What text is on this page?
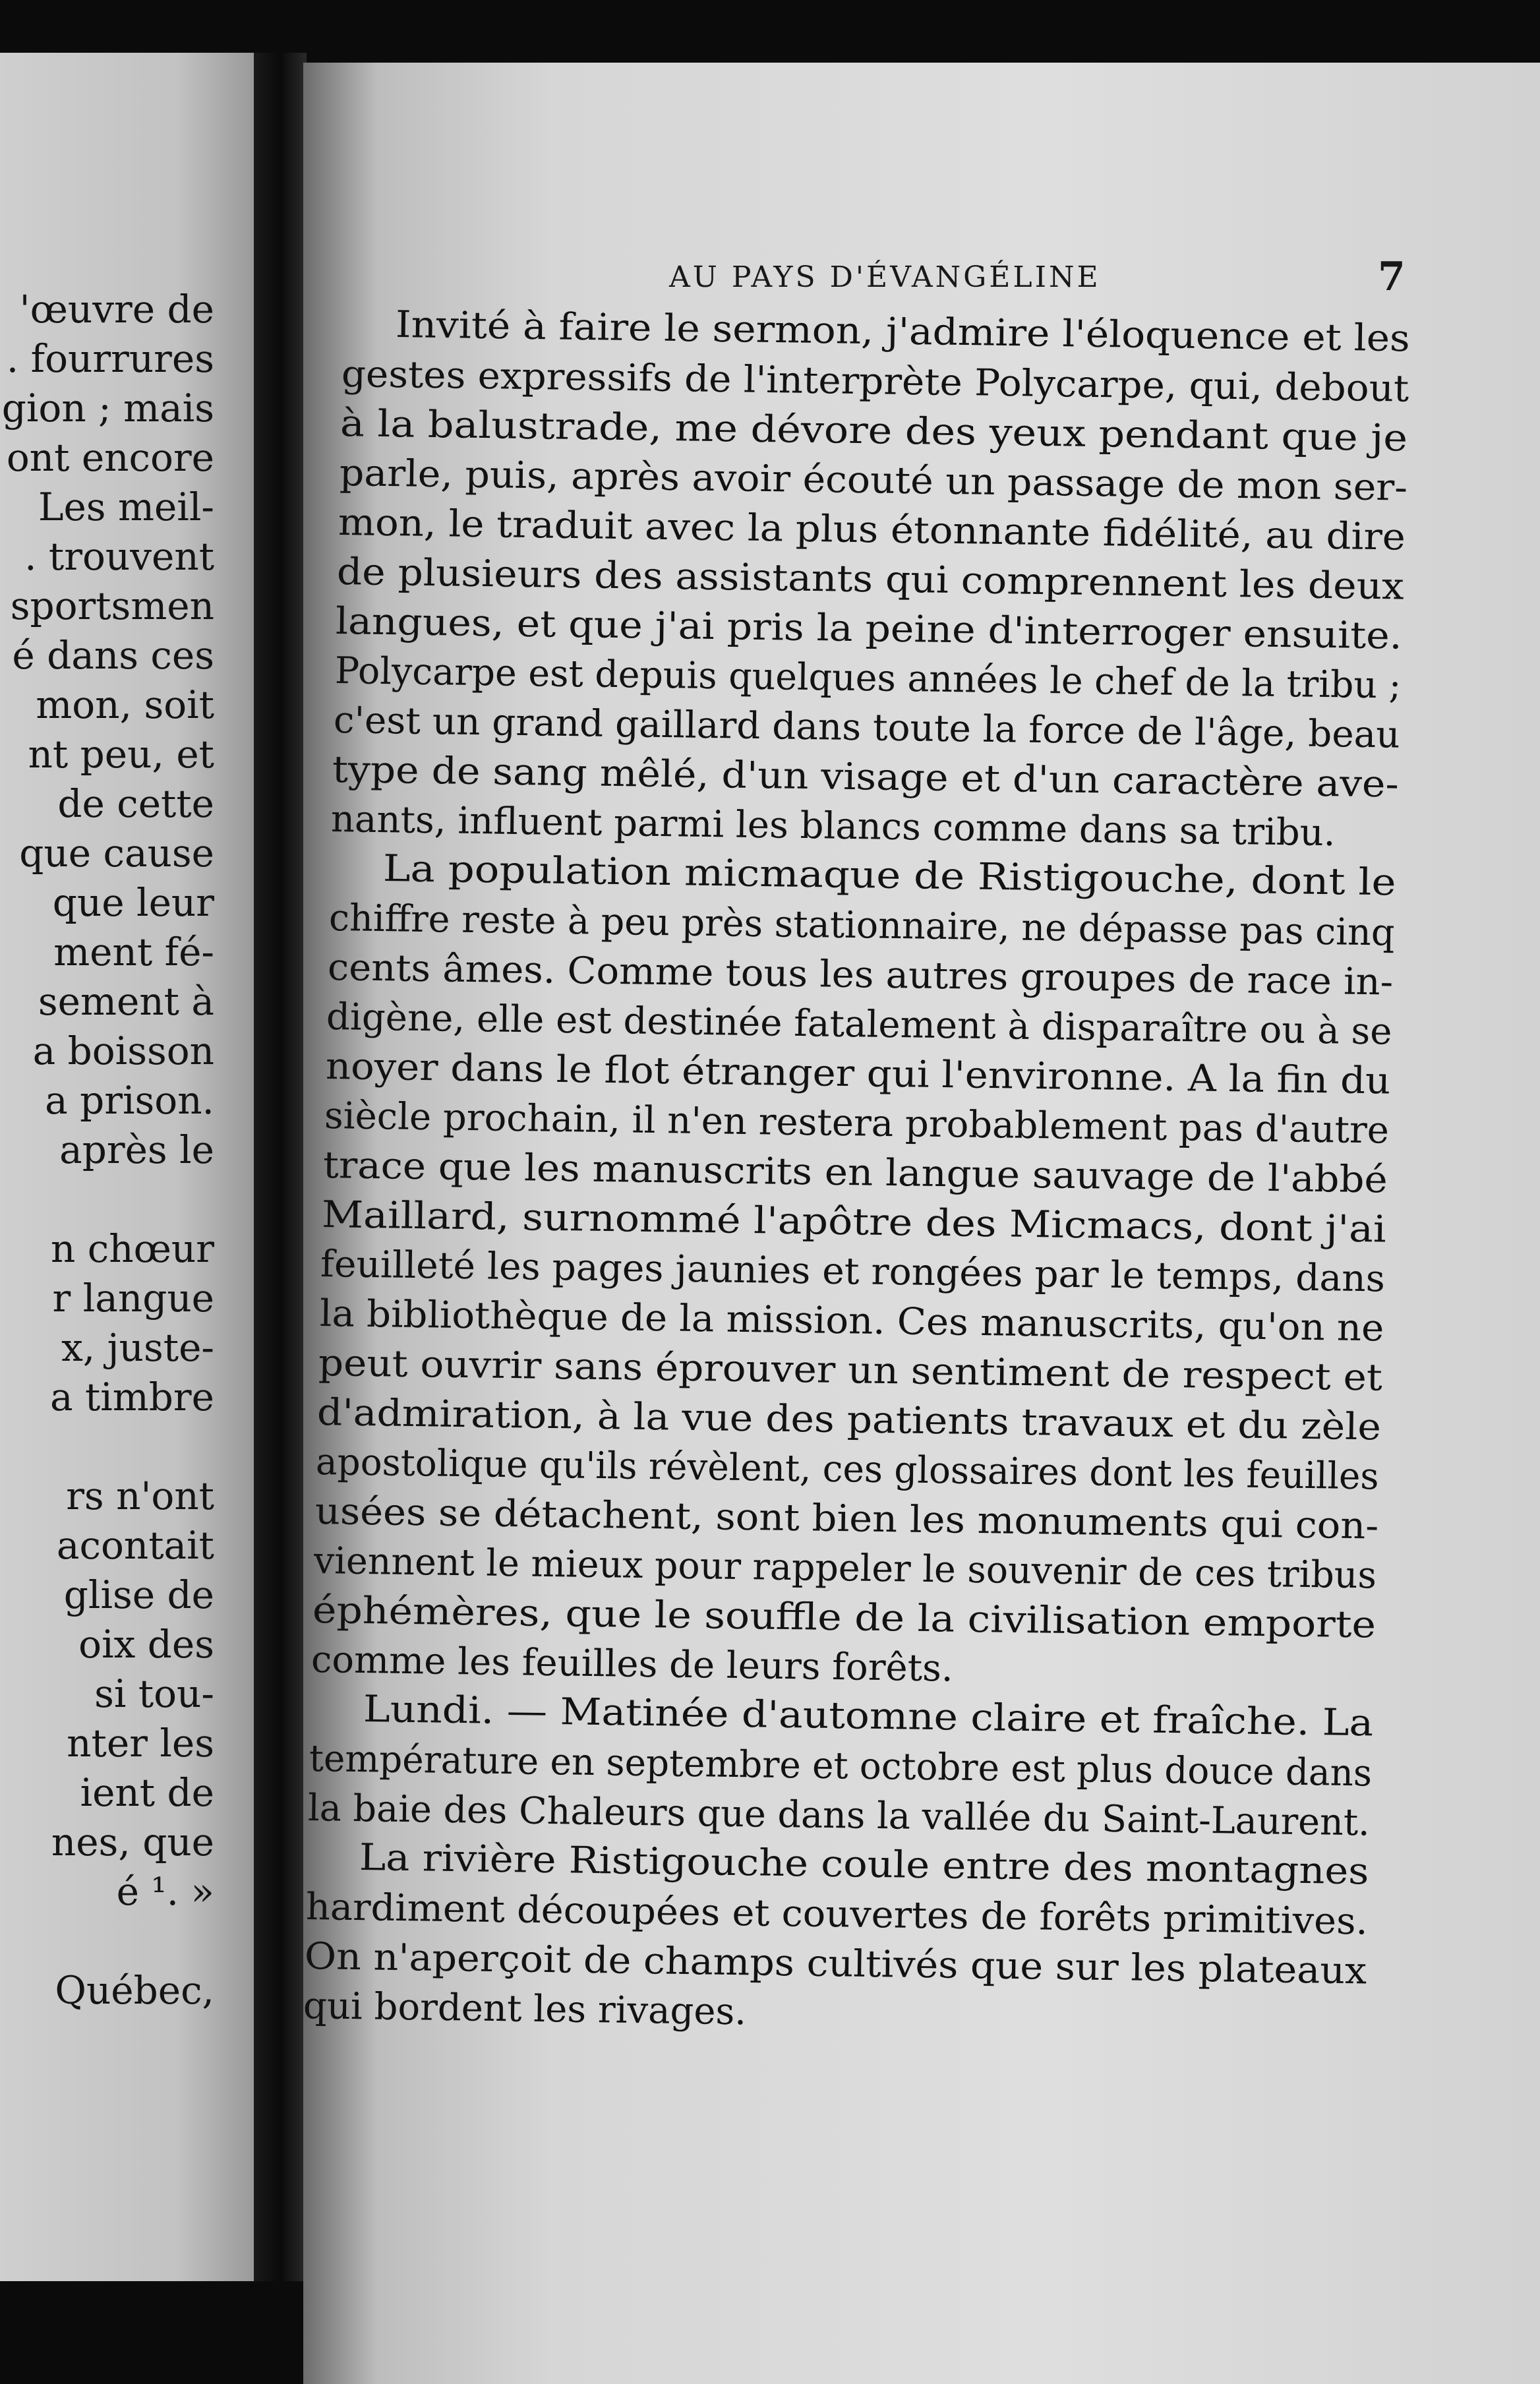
'œuvre de
. fourrures
gion ; mais
ont encore
Les meil-
. trouvent
sportsmen
é dans ces
mon, soit
nt peu, et
de cette
que cause
que leur
ment fé-
sement à
a boisson
a prison.
après le
n chœur
r langue
x, juste-
a timbre
rs n'ont
acontait
glise de
oix des
si tou-
nter les
ient de
nes, que
é ¹. »
Québec,
AU PAYS D'ÉVANGÉLINE	7
Invité à faire le sermon, j'admire l'éloquence et les
gestes expressifs de l'interprète Polycarpe, qui, debout
à la balustrade, me dévore des yeux pendant que je
parle, puis, après avoir écouté un passage de mon ser-
mon, le traduit avec la plus étonnante fidélité, au dire
de plusieurs des assistants qui comprennent les deux
langues, et que j'ai pris la peine d'interroger ensuite.
Polycarpe est depuis quelques années le chef de la tribu ;
c'est un grand gaillard dans toute la force de l'âge, beau
type de sang mêlé, d'un visage et d'un caractère ave-
nants, influent parmi les blancs comme dans sa tribu.
La population micmaque de Ristigouche, dont le
chiffre reste à peu près stationnaire, ne dépasse pas cinq
cents âmes. Comme tous les autres groupes de race in-
digène, elle est destinée fatalement à disparaître ou à se
noyer dans le flot étranger qui l'environne. A la fin du
siècle prochain, il n'en restera probablement pas d'autre
trace que les manuscrits en langue sauvage de l'abbé
Maillard, surnommé l'apôtre des Micmacs, dont j'ai
feuilleté les pages jaunies et rongées par le temps, dans
la bibliothèque de la mission. Ces manuscrits, qu'on ne
peut ouvrir sans éprouver un sentiment de respect et
d'admiration, à la vue des patients travaux et du zèle
apostolique qu'ils révèlent, ces glossaires dont les feuilles
usées se détachent, sont bien les monuments qui con-
viennent le mieux pour rappeler le souvenir de ces tribus
éphémères, que le souffle de la civilisation emporte
comme les feuilles de leurs forêts.
Lundi. — Matinée d'automne claire et fraîche. La
température en septembre et octobre est plus douce dans
la baie des Chaleurs que dans la vallée du Saint-Laurent.
La rivière Ristigouche coule entre des montagnes
hardiment découpées et couvertes de forêts primitives.
On n'aperçoit de champs cultivés que sur les plateaux
qui bordent les rivages.
